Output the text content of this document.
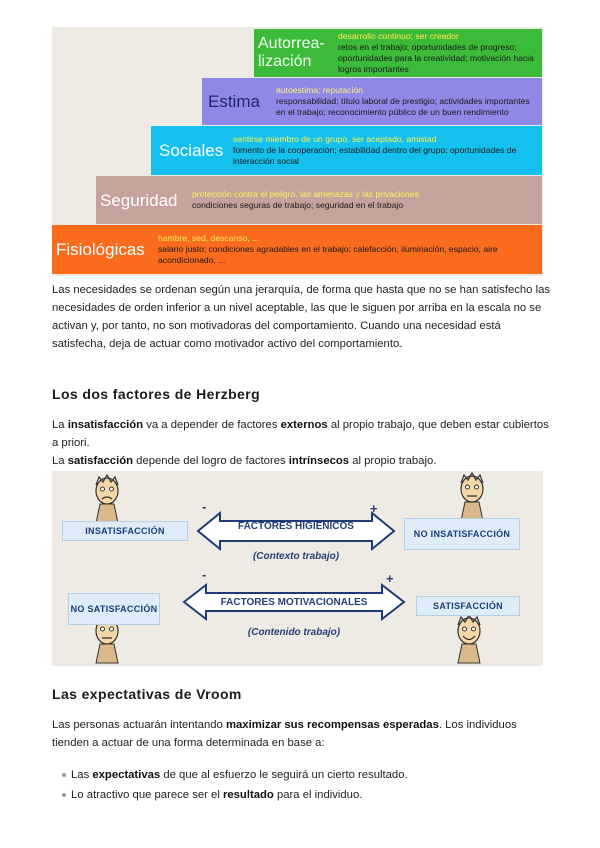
Autorrea-lización
desarrollo continuo; ser creador
retos en el trabajo; oportunidades de progreso; oportunidades para la creatividad; motivación hacia logros importantes
Estima
autoestima; reputación
responsabilidad; título laboral de prestigio; actividades importantes en el trabajo; reconocimiento público de un buen rendimiento
Sociales
sentirse miembro de un grupo, ser aceptado, amistad
fomento de la cooperación; estabilidad dentro del grupo; oportunidades de interacción social
Seguridad	protección contra el peligro, las amenazas y las privaciones
condiciones seguras de trabajo; seguridad en el trabajo
Fisiológicas
hambre, sed, descanso, ...
salario justo; condiciones agradables en el trabajo; calefacción, iluminación, espacio, aire acondicionado, ...

Las necesidades se ordenan según una jerarquía, de forma que hasta que no se han satisfecho las necesidades de orden inferior a un nivel aceptable, las que le siguen por arriba en la escala no se activan y, por tanto, no son motivadoras del comportamiento. Cuando una necesidad está satisfecha, deja de actuar como motivador activo del comportamiento.

Los dos factores de Herzberg

La insatisfacción va a depender de factores externos al propio trabajo, que deben estar cubiertos a priori.

La satisfacción depende del logro de factores intrínsecos al propio trabajo.

INSATISFACCIÓN
-
FACTORES HIGIÉNICOS
+
(Contexto trabajo)
NO INSATISFACCIÓN
NO SATISFACCIÓN
-
FACTORES MOTIVACIONALES
+
(Contenido trabajo)
SATISFACCIÓN
Las expectativas de Vroom

Las personas actuarán intentando maximizar sus recompensas esperadas. Los individuos tienden a actuar de una forma determinada en base a:

Las expectativas de que al esfuerzo le seguirá un cierto resultado.
Lo atractivo que parece ser el resultado para el individuo.
